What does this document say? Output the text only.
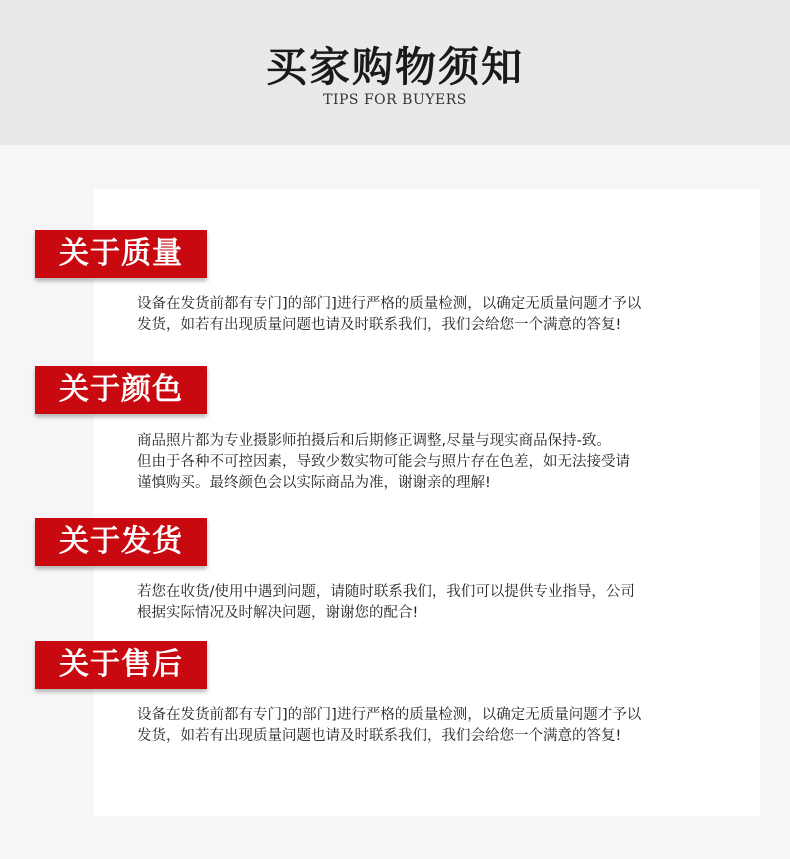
买家购物须知
TIPS FOR BUYERS
关于质量
设备在发货前都有专门]的部门]进行严格的质量检测，以确定无质量问题才予以
发货，如若有出现质量问题也请及时联系我们，我们会给您一个满意的答复!
关于颜色
商品照片都为专业摄影师拍摄后和后期修正调整,尽量与现实商品保持-致。
但由于各种不可控因素，导致少数实物可能会与照片存在色差，如无法接受请
谨慎购买。最终颜色会以实际商品为准，谢谢亲的理解!
关于发货
若您在收货/使用中遇到问题，请随时联系我们，我们可以提供专业指导，公司
根据实际情况及时解决问题，谢谢您的配合!
关于售后
设备在发货前都有专门]的部门]进行严格的质量检测，以确定无质量问题才予以
发货，如若有出现质量问题也请及时联系我们，我们会给您一个满意的答复!
